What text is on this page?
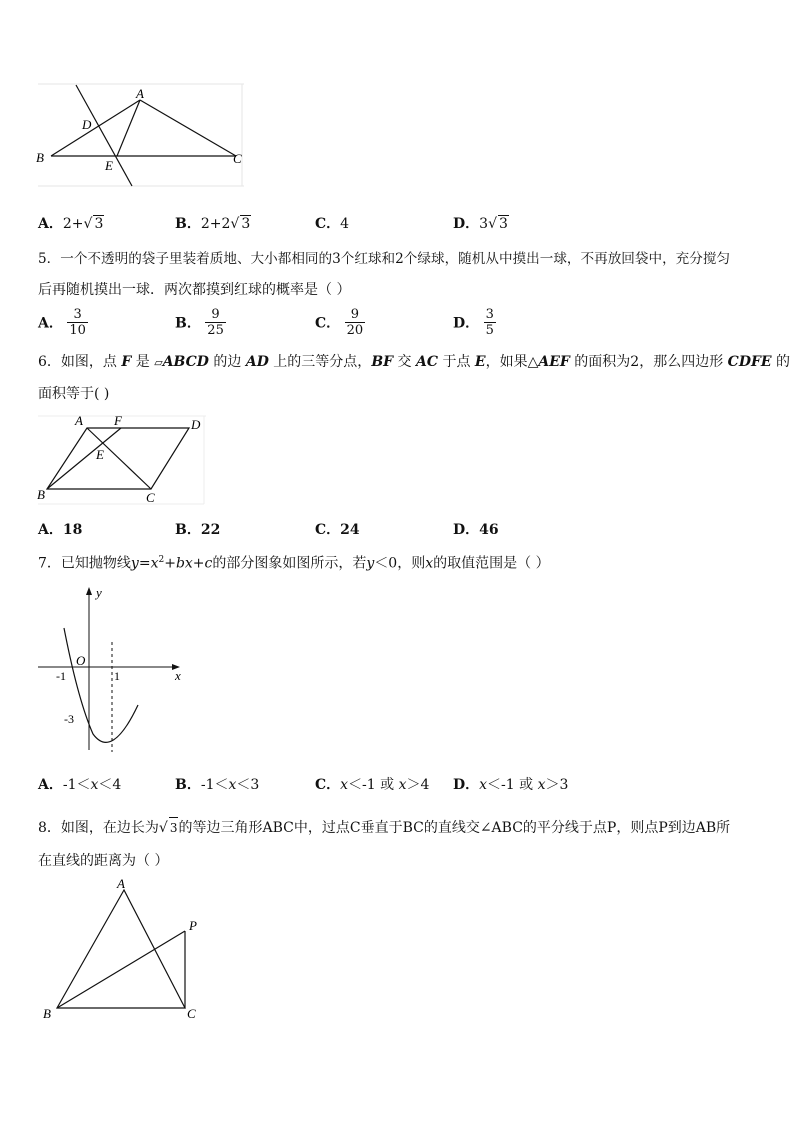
A
D
B
E	C
A．2+√ 3	B．2+2√ 3	C．4	D．3√ 3
5．一个不透明的袋子里装着质地、大小都相同的3个红球和2个绿球，随机从中摸出一球，不再放回袋中，充分搅匀
后再随机摸出一球．两次都摸到红球的概率是（ ）
A． $\frac{3}{10}$	B． $\frac{9}{25}$	C． $\frac{9}{20}$	D． $\frac{3}{5}$
6．如图，点 F 是 ▱ABCD 的边 AD 上的三等分点，BF 交 AC 于点 E，如果△AEF 的面积为2，那么四边形 CDFE 的
面积等于( )
A F	D
E
B	C
A．18	B．22	C．24	D．46
7．已知抛物线$y=x^2+bx+c$的部分图象如图所示，若y＜0，则x的取值范围是（ ）
y
x
O
-1	1
-3
A．-1＜x＜4	B．-1＜x＜3	C．x＜-1 或 x＞4 D．x＜-1 或 x＞3
8．如图，在边长为√ 3的等边三角形ABC中，过点C垂直于BC的直线交∠ABC的平分线于点P，则点P到边AB所
在直线的距离为（ ）
A
P
B	C
